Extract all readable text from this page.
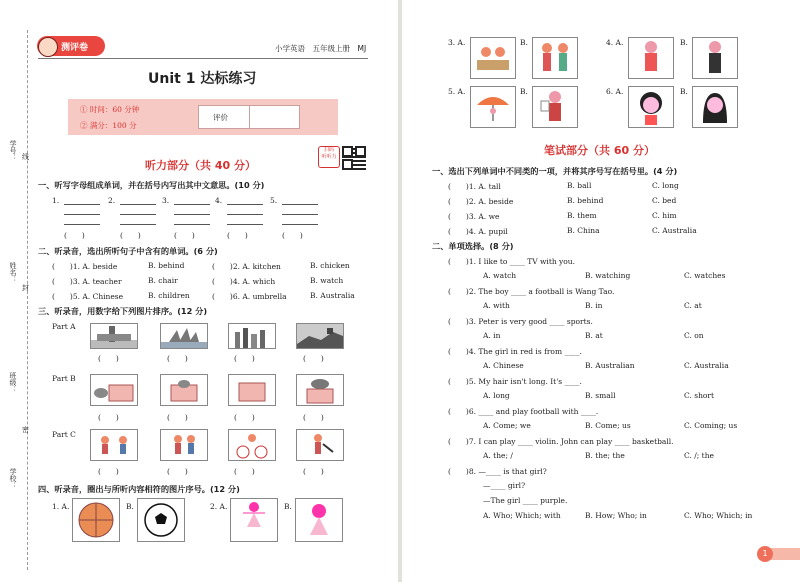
学号： 线
姓名：
封
班级：
密
学校：
测评卷	小学英语　五年级上册　MJ
Unit 1 达标练习
① 时间：60 分钟
② 满分：100 分
评价
扫码
听听力
听力部分（共 40 分）
一、听写字母组成单词，并在括号内写出其中文意思。(10 分)
1.	2.	3.	4.	5.
(　　)	(　　)	(　　)	(　　)	(　　)
二、听录音，选出所听句子中含有的单词。(6 分)
(　　)1. A. beside	B. behind	(　　)2. A. kitchen	B. chicken
(　　)3. A. teacher	B. chair	(　　)4. A. which	B. watch
(　　)5. A. Chinese	B. children	(　　)6. A. umbrella	B. Australia
三、听录音，用数字给下列图片排序。(12 分)
Part A
Part B
Part C
(　　)	(　　)	(　　)	(　　)
(　　)	(　　)	(　　)	(　　)
(　　)	(　　)	(　　)	(　　)
四、听录音，圈出与所听内容相符的图片序号。(12 分)
1. A.	B.	2. A.	B.
3. A.	B.	4. A.	B.
5. A.	B.	6. A.	B.
笔试部分（共 60 分）
一、选出下列单词中不同类的一项，并将其序号写在括号里。(4 分)
(　　)1. A. tall	B. ball	C. long
(　　)2. A. beside	B. behind	C. bed
(　　)3. A. we	B. them	C. him
(　　)4. A. pupil	B. China	C. Australia
二、单项选择。(8 分)
(　　)1. I like to ____ TV with you.
A. watch	B. watching	C. watches
(　　)2. The boy ____ a football is Wang Tao.
A. with	B. in	C. at
(　　)3. Peter is very good ____ sports.
A. in	B. at	C. on
(　　)4. The girl in red is from ____.
A. Chinese	B. Australian	C. Australia
(　　)5. My hair isn't long. It's ____.
A. long	B. small	C. short
(　　)6. ____ and play football with ____.
A. Come; we	B. Come; us	C. Coming; us
(　　)7. I can play ____ violin. John can play ____ basketball.
A. the; /	B. the; the	C. /; the
(　　)8. —____ is that girl?
—____ girl?
—The girl ____ purple.
A. Who; Which; with	B. How; Who; in	C. Who; Which; in
1
